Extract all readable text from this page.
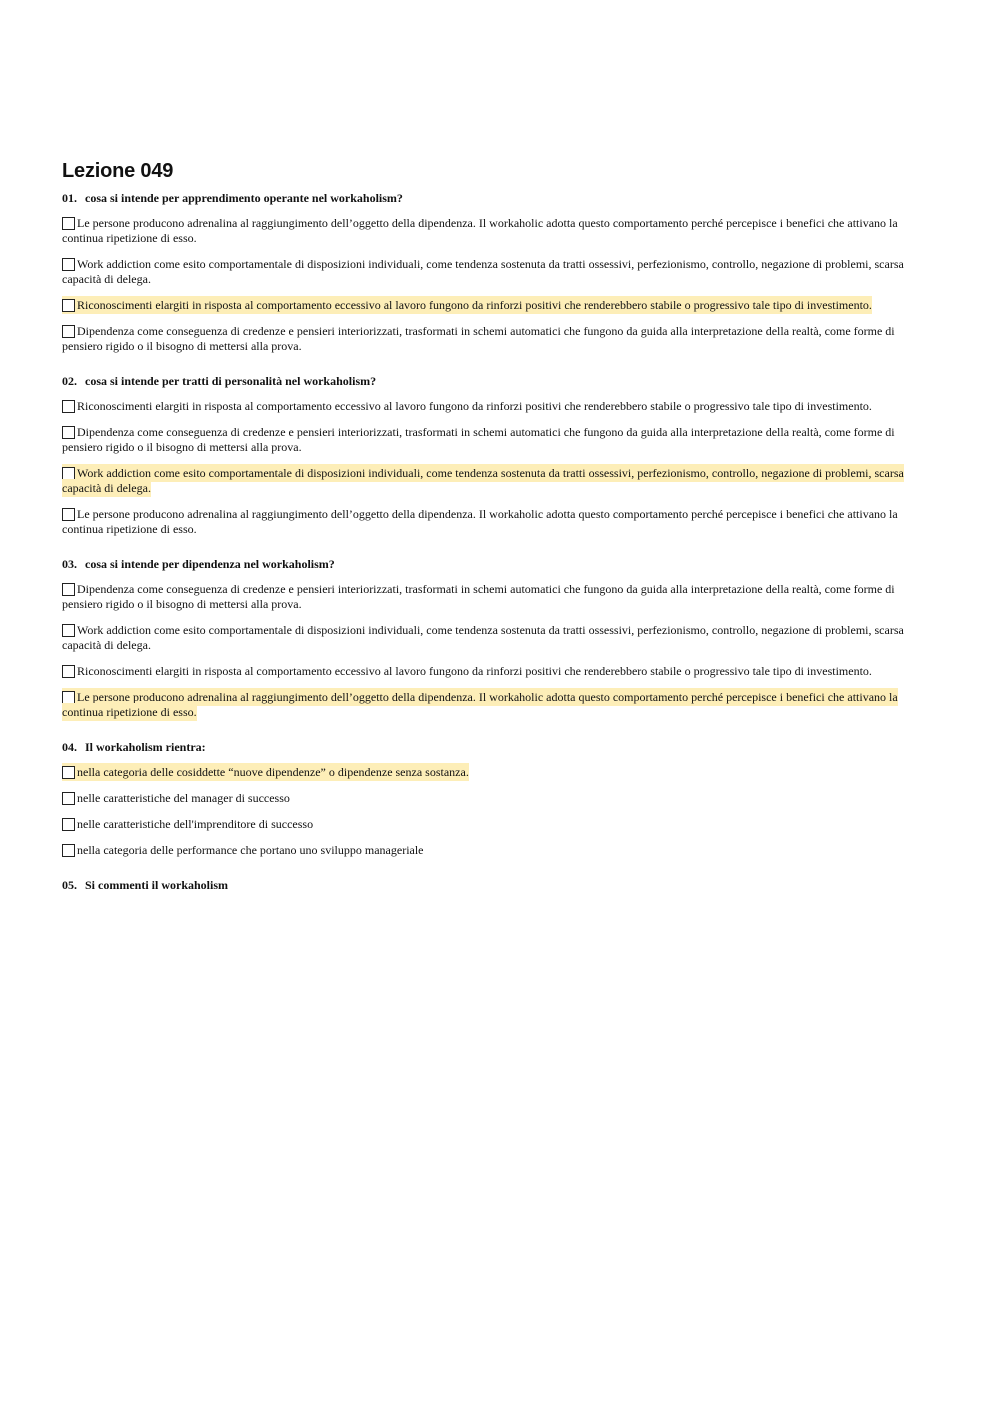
Lezione 049
01. cosa si intende per apprendimento operante nel workaholism?
Le persone producono adrenalina al raggiungimento dell’oggetto della dipendenza. Il workaholic adotta questo comportamento perché percepisce i benefici che attivano la continua ripetizione di esso.
Work addiction come esito comportamentale di disposizioni individuali, come tendenza sostenuta da tratti ossessivi, perfezionismo, controllo, negazione di problemi, scarsa capacità di delega.
Riconoscimenti elargiti in risposta al comportamento eccessivo al lavoro fungono da rinforzi positivi che renderebbero stabile o progressivo tale tipo di investimento.
Dipendenza come conseguenza di credenze e pensieri interiorizzati, trasformati in schemi automatici che fungono da guida alla interpretazione della realtà, come forme di pensiero rigido o il bisogno di mettersi alla prova.
02. cosa si intende per tratti di personalità nel workaholism?
Riconoscimenti elargiti in risposta al comportamento eccessivo al lavoro fungono da rinforzi positivi che renderebbero stabile o progressivo tale tipo di investimento.
Dipendenza come conseguenza di credenze e pensieri interiorizzati, trasformati in schemi automatici che fungono da guida alla interpretazione della realtà, come forme di pensiero rigido o il bisogno di mettersi alla prova.
Work addiction come esito comportamentale di disposizioni individuali, come tendenza sostenuta da tratti ossessivi, perfezionismo, controllo, negazione di problemi, scarsa capacità di delega.
Le persone producono adrenalina al raggiungimento dell’oggetto della dipendenza. Il workaholic adotta questo comportamento perché percepisce i benefici che attivano la continua ripetizione di esso.
03. cosa si intende per dipendenza nel workaholism?
Dipendenza come conseguenza di credenze e pensieri interiorizzati, trasformati in schemi automatici che fungono da guida alla interpretazione della realtà, come forme di pensiero rigido o il bisogno di mettersi alla prova.
Work addiction come esito comportamentale di disposizioni individuali, come tendenza sostenuta da tratti ossessivi, perfezionismo, controllo, negazione di problemi, scarsa capacità di delega.
Riconoscimenti elargiti in risposta al comportamento eccessivo al lavoro fungono da rinforzi positivi che renderebbero stabile o progressivo tale tipo di investimento.
Le persone producono adrenalina al raggiungimento dell’oggetto della dipendenza. Il workaholic adotta questo comportamento perché percepisce i benefici che attivano la continua ripetizione di esso.
04. Il workaholism rientra:
nella categoria delle cosiddette “nuove dipendenze” o dipendenze senza sostanza.
nelle caratteristiche del manager di successo
nelle caratteristiche dell'imprenditore di successo
nella categoria delle performance che portano uno sviluppo manageriale
05. Si commenti il workaholism
